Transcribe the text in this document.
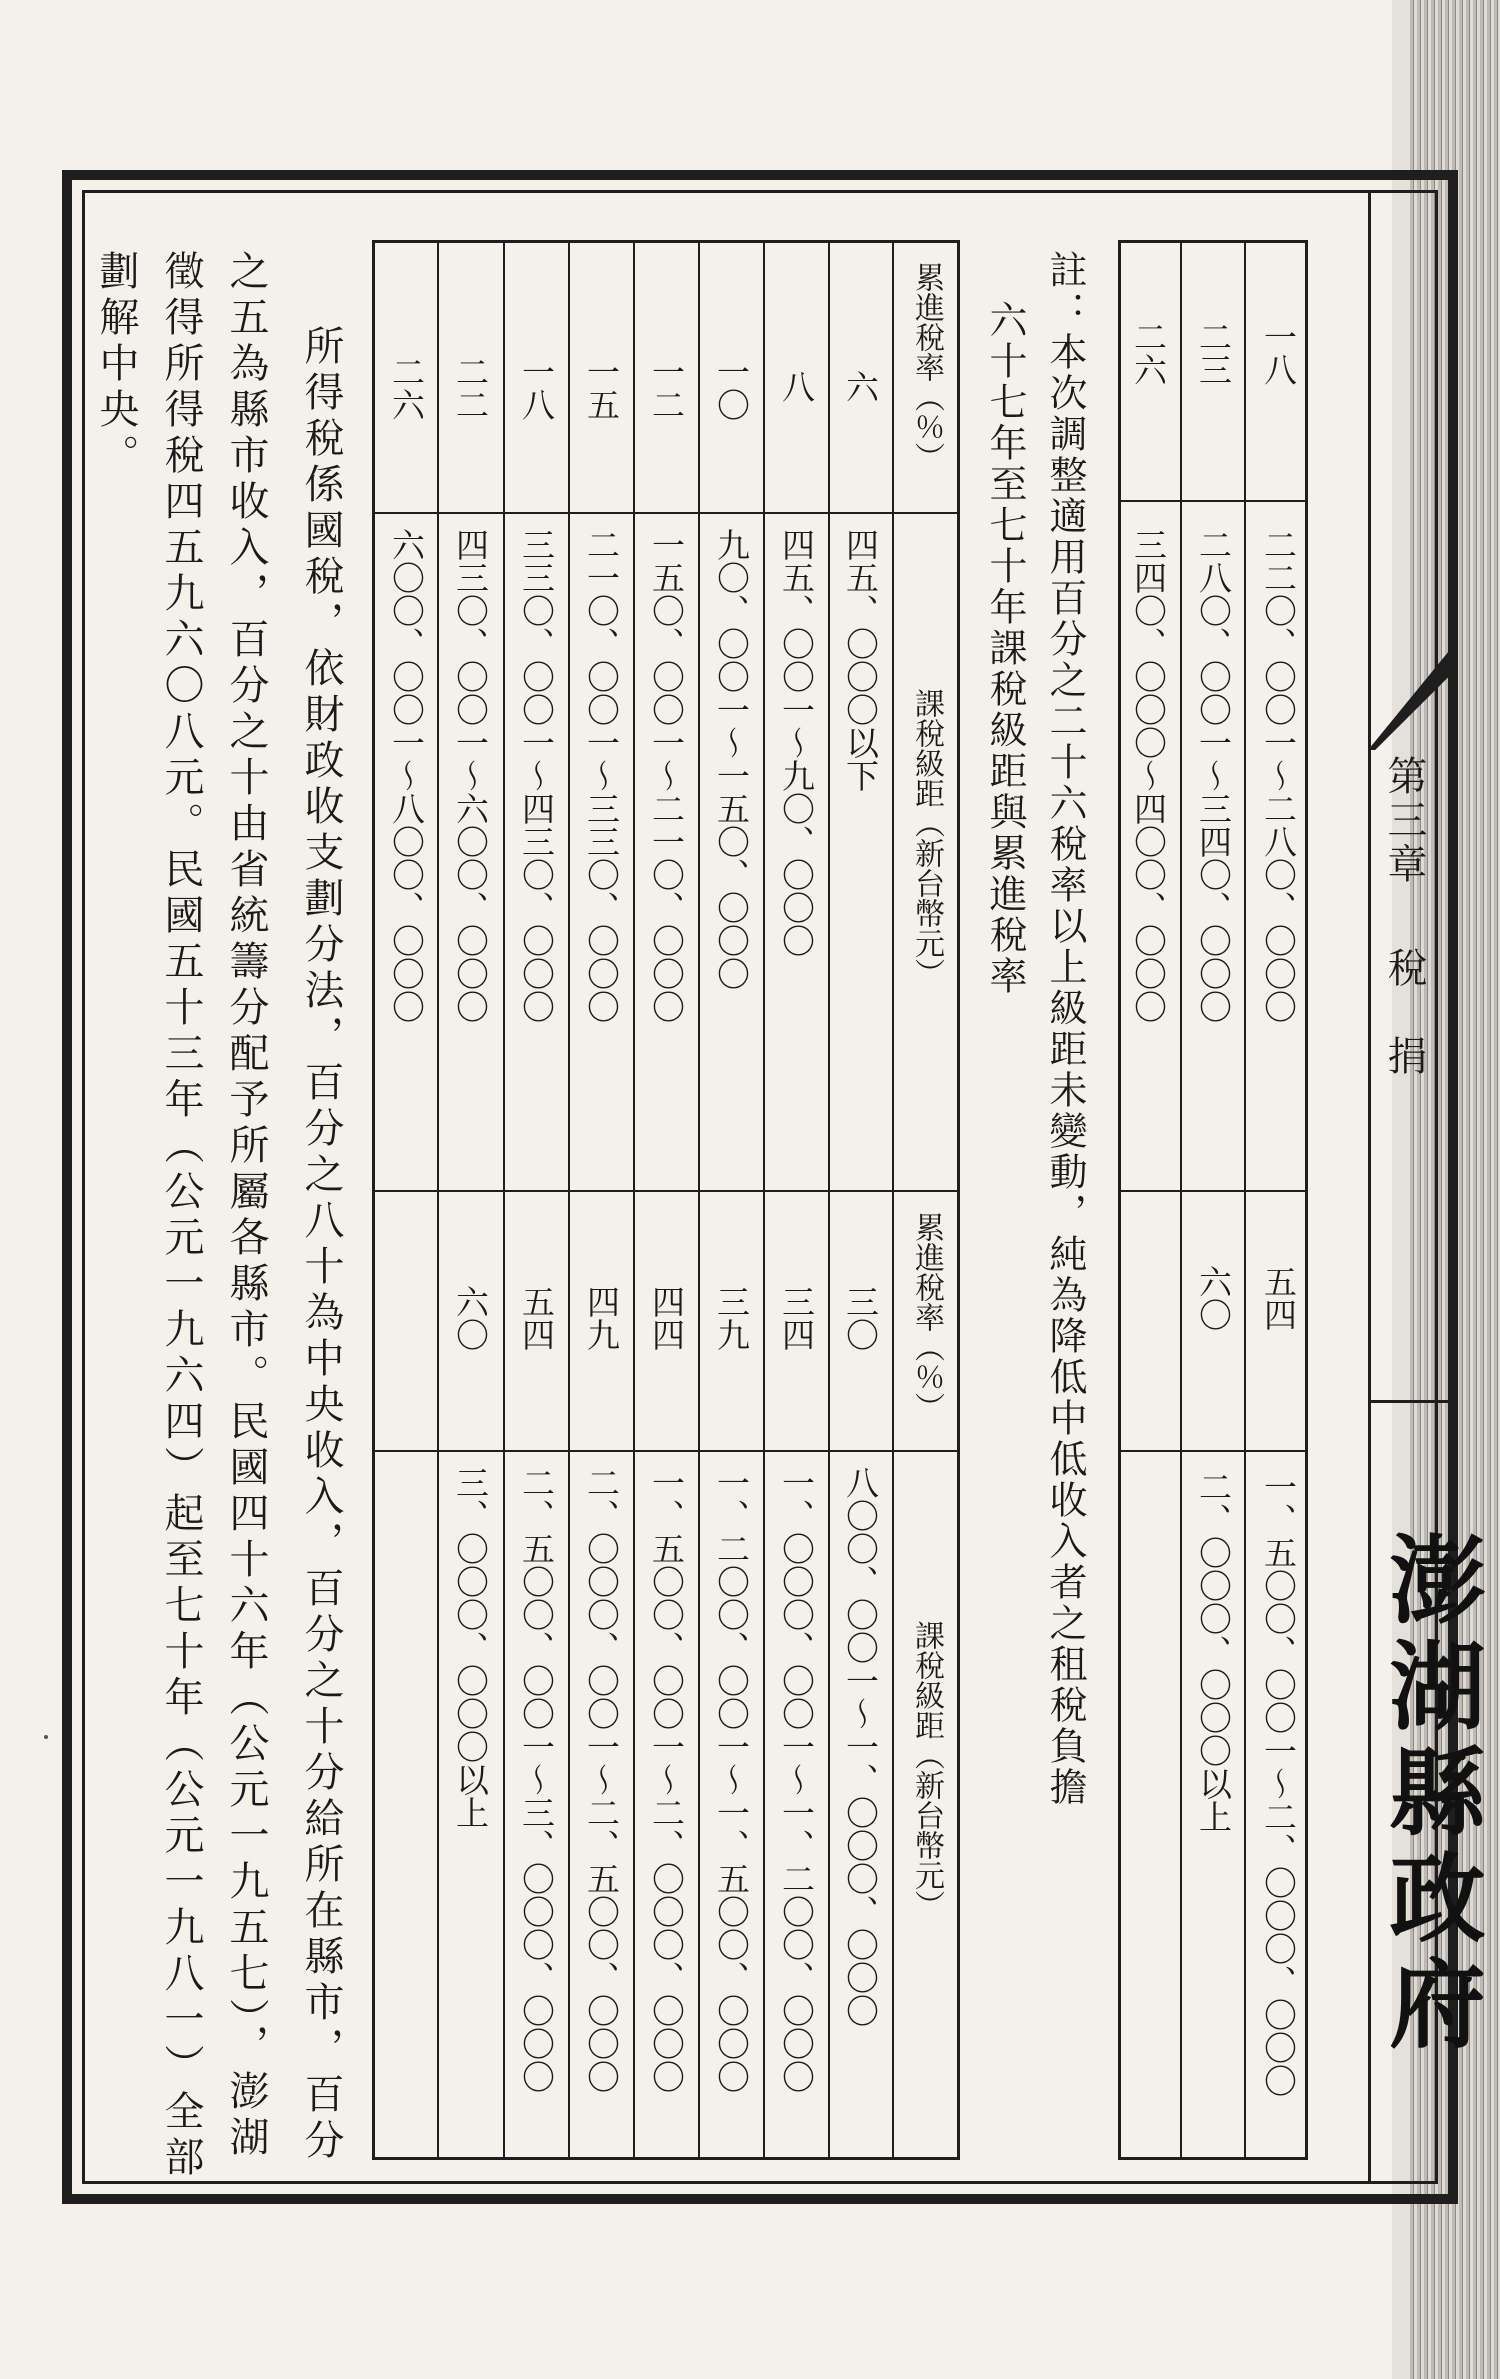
第三章稅　捐
澎湖縣政府
一八
二二〇、〇〇一～二八〇、〇〇〇
五四
一、五〇〇、〇〇一～二、〇〇〇、〇〇〇
二三
二八〇、〇〇一～三四〇、〇〇〇
六〇
二、〇〇〇、〇〇〇以上
二六
三四〇、〇〇〇～四〇〇、〇〇〇
註：本次調整適用百分之二十六稅率以上級距未變動，純為降低中低收入者之租稅負擔
六十七年至七十年課稅級距與累進稅率
累進稅率（％）
課稅級距（新台幣元）
累進稅率（％）
課稅級距（新台幣元）
六
四五、〇〇〇以下
三〇
八〇〇、〇〇一～一、〇〇〇、〇〇〇
八
四五、〇〇一～九〇、〇〇〇
三四
一、〇〇〇、〇〇一～一、二〇〇、〇〇〇
一〇
九〇、〇〇一～一五〇、〇〇〇
三九
一、二〇〇、〇〇一～一、五〇〇、〇〇〇
一二
一五〇、〇〇一～二一〇、〇〇〇
四四
一、五〇〇、〇〇一～二、〇〇〇、〇〇〇
一五
二一〇、〇〇一～三三〇、〇〇〇
四九
二、〇〇〇、〇〇一～二、五〇〇、〇〇〇
一八
三三〇、〇〇一～四三〇、〇〇〇
五四
二、五〇〇、〇〇一～三、〇〇〇、〇〇〇
二二
四三〇、〇〇一～六〇〇、〇〇〇
六〇
三、〇〇〇、〇〇〇以上
二六
六〇〇、〇〇一～八〇〇、〇〇〇
所得稅係國稅，依財政收支劃分法，百分之八十為中央收入，百分之十分給所在縣市，百分
之五為縣市收入，百分之十由省統籌分配予所屬各縣市。民國四十六年（公元一九五七），澎湖
徵得所得稅四五九六〇八元。民國五十三年（公元一九六四）起至七十年（公元一九八一）全部
劃解中央。
